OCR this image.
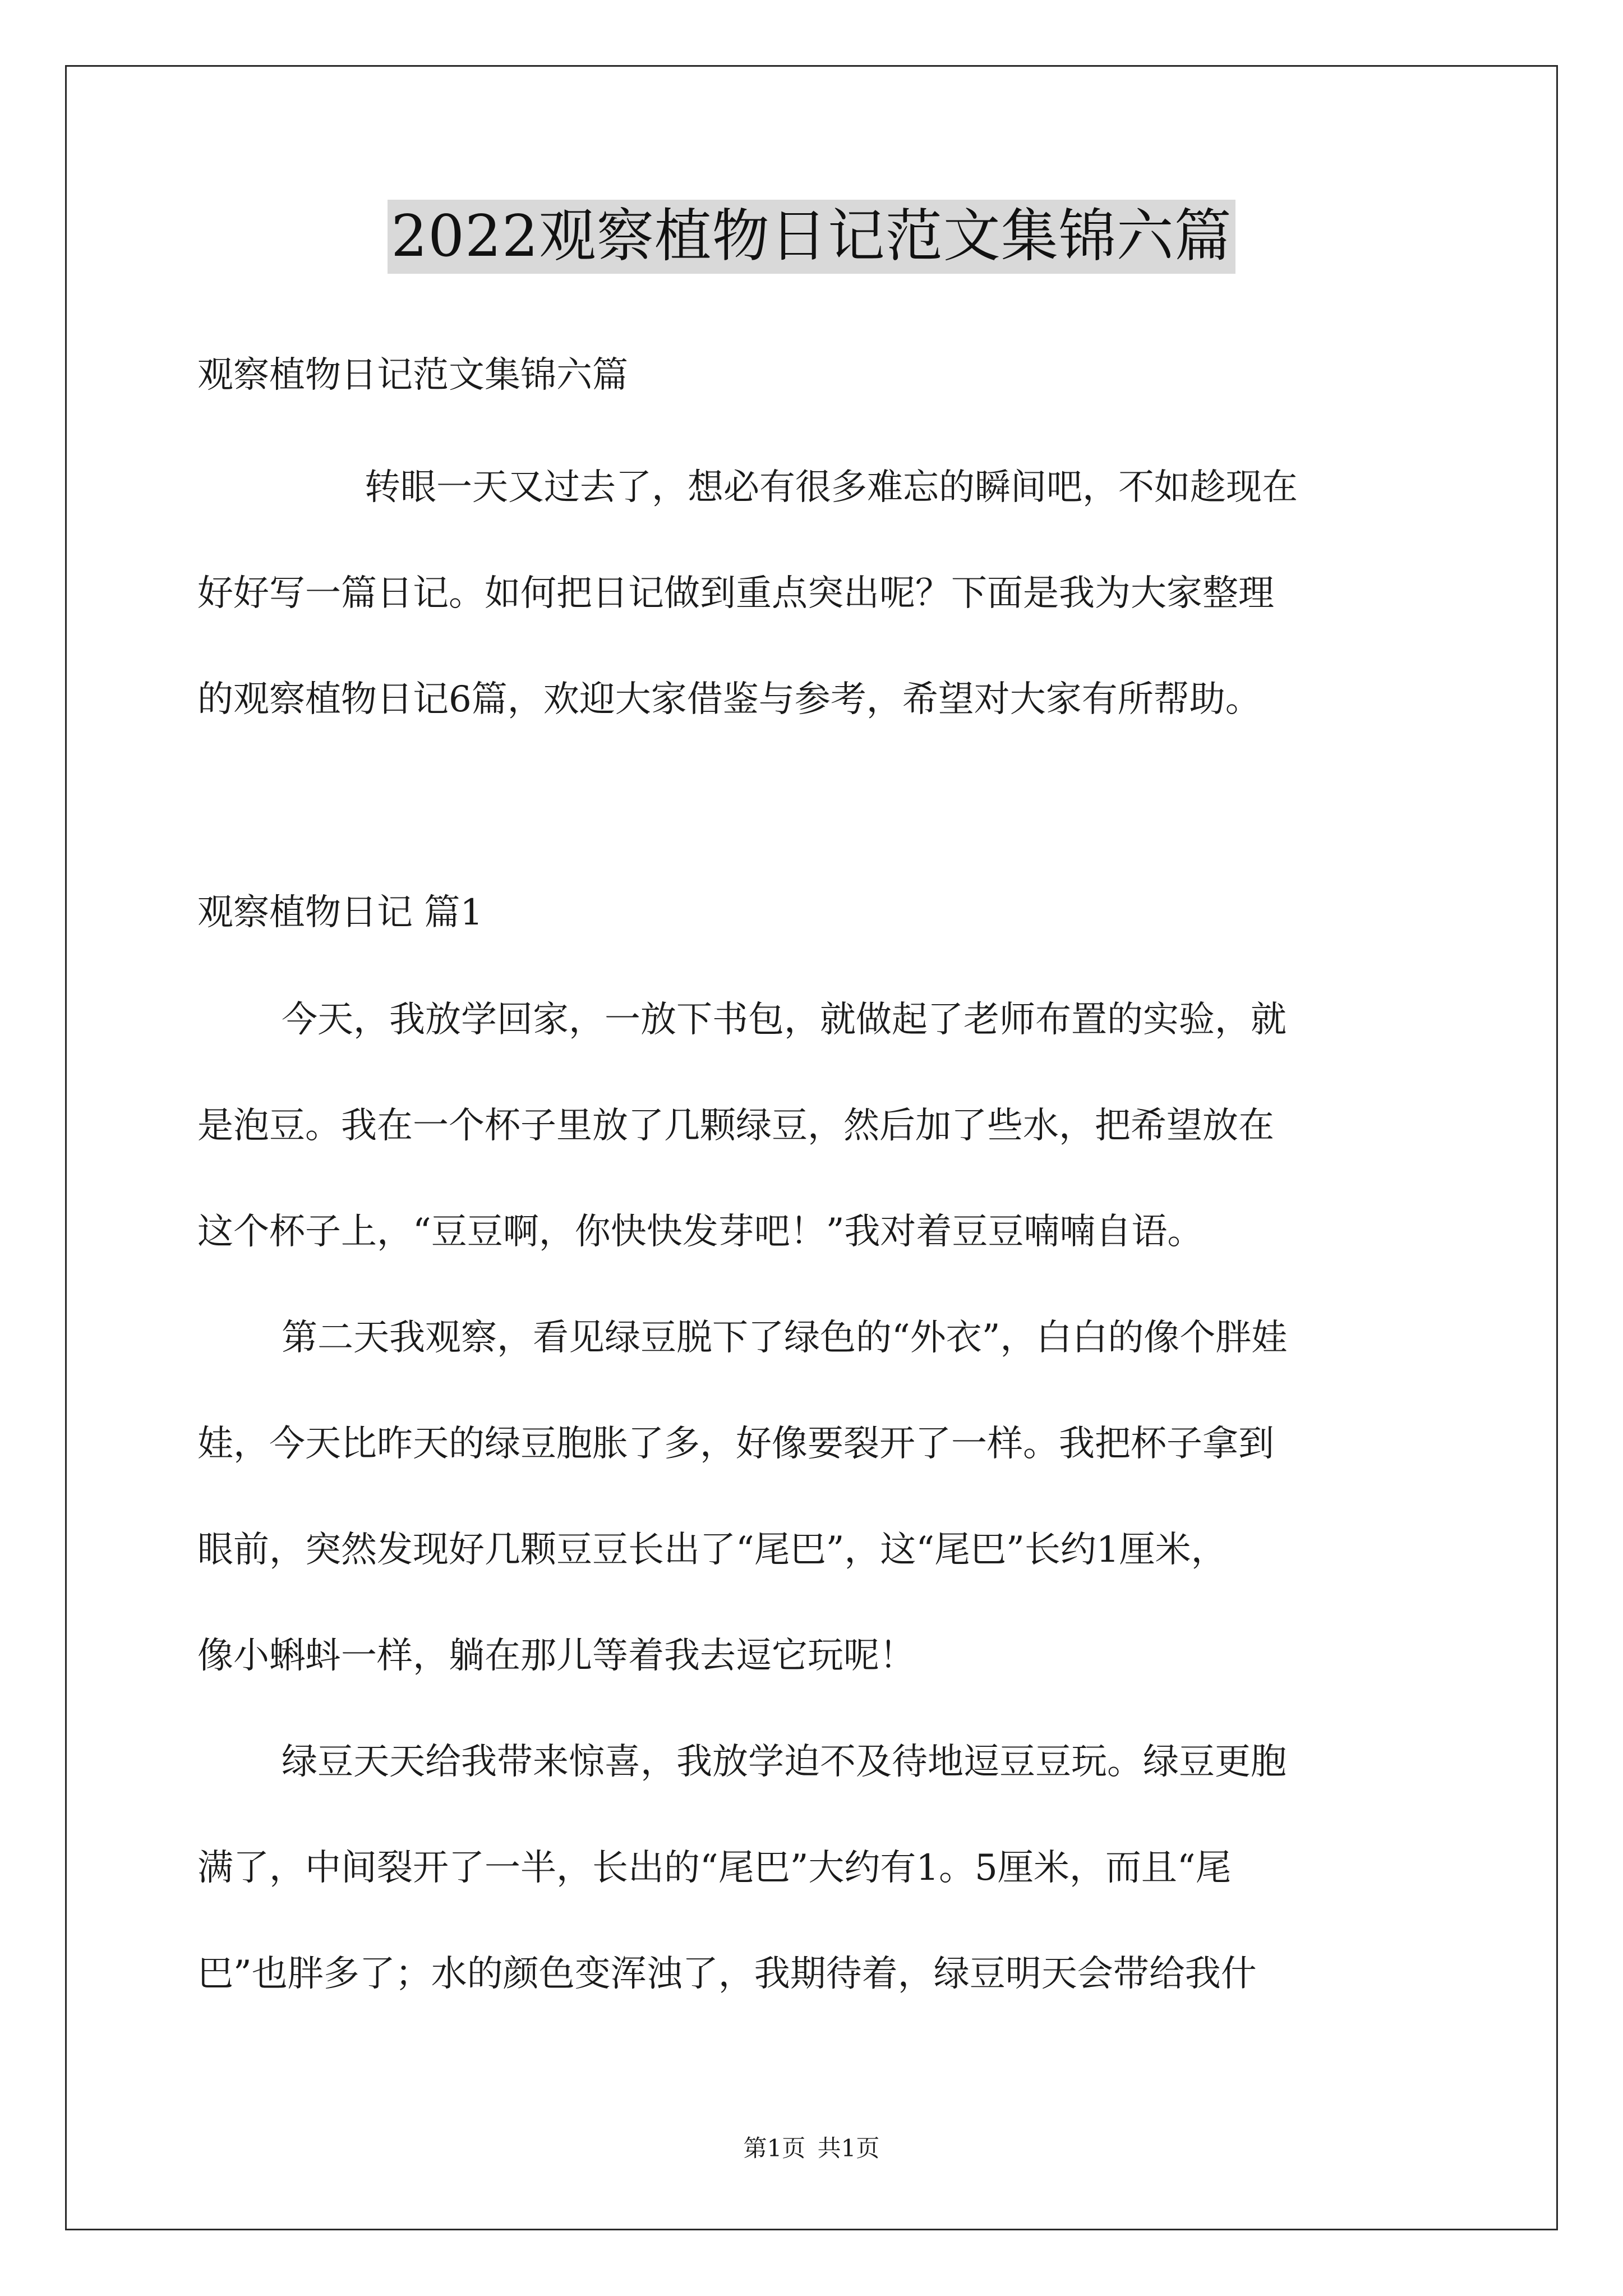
2022观察植物日记范文集锦六篇
观察植物日记范文集锦六篇
转眼一天又过去了，想必有很多难忘的瞬间吧，不如趁现在
好好写一篇日记。如何把日记做到重点突出呢？下面是我为大家整理
的观察植物日记6篇，欢迎大家借鉴与参考，希望对大家有所帮助。
观察植物日记 篇1
今天，我放学回家，一放下书包，就做起了老师布置的实验，就
是泡豆。我在一个杯子里放了几颗绿豆，然后加了些水，把希望放在
这个杯子上，“豆豆啊，你快快发芽吧！”我对着豆豆喃喃自语。
第二天我观察，看见绿豆脱下了绿色的“外衣”，白白的像个胖娃
娃，今天比昨天的绿豆胞胀了多，好像要裂开了一样。我把杯子拿到
眼前，突然发现好几颗豆豆长出了“尾巴”，这“尾巴”长约1厘米，
像小蝌蚪一样，躺在那儿等着我去逗它玩呢！
绿豆天天给我带来惊喜，我放学迫不及待地逗豆豆玩。绿豆更胞
满了，中间裂开了一半，长出的“尾巴”大约有1。5厘米，而且“尾
巴”也胖多了；水的颜色变浑浊了，我期待着，绿豆明天会带给我什
第1页 共1页
